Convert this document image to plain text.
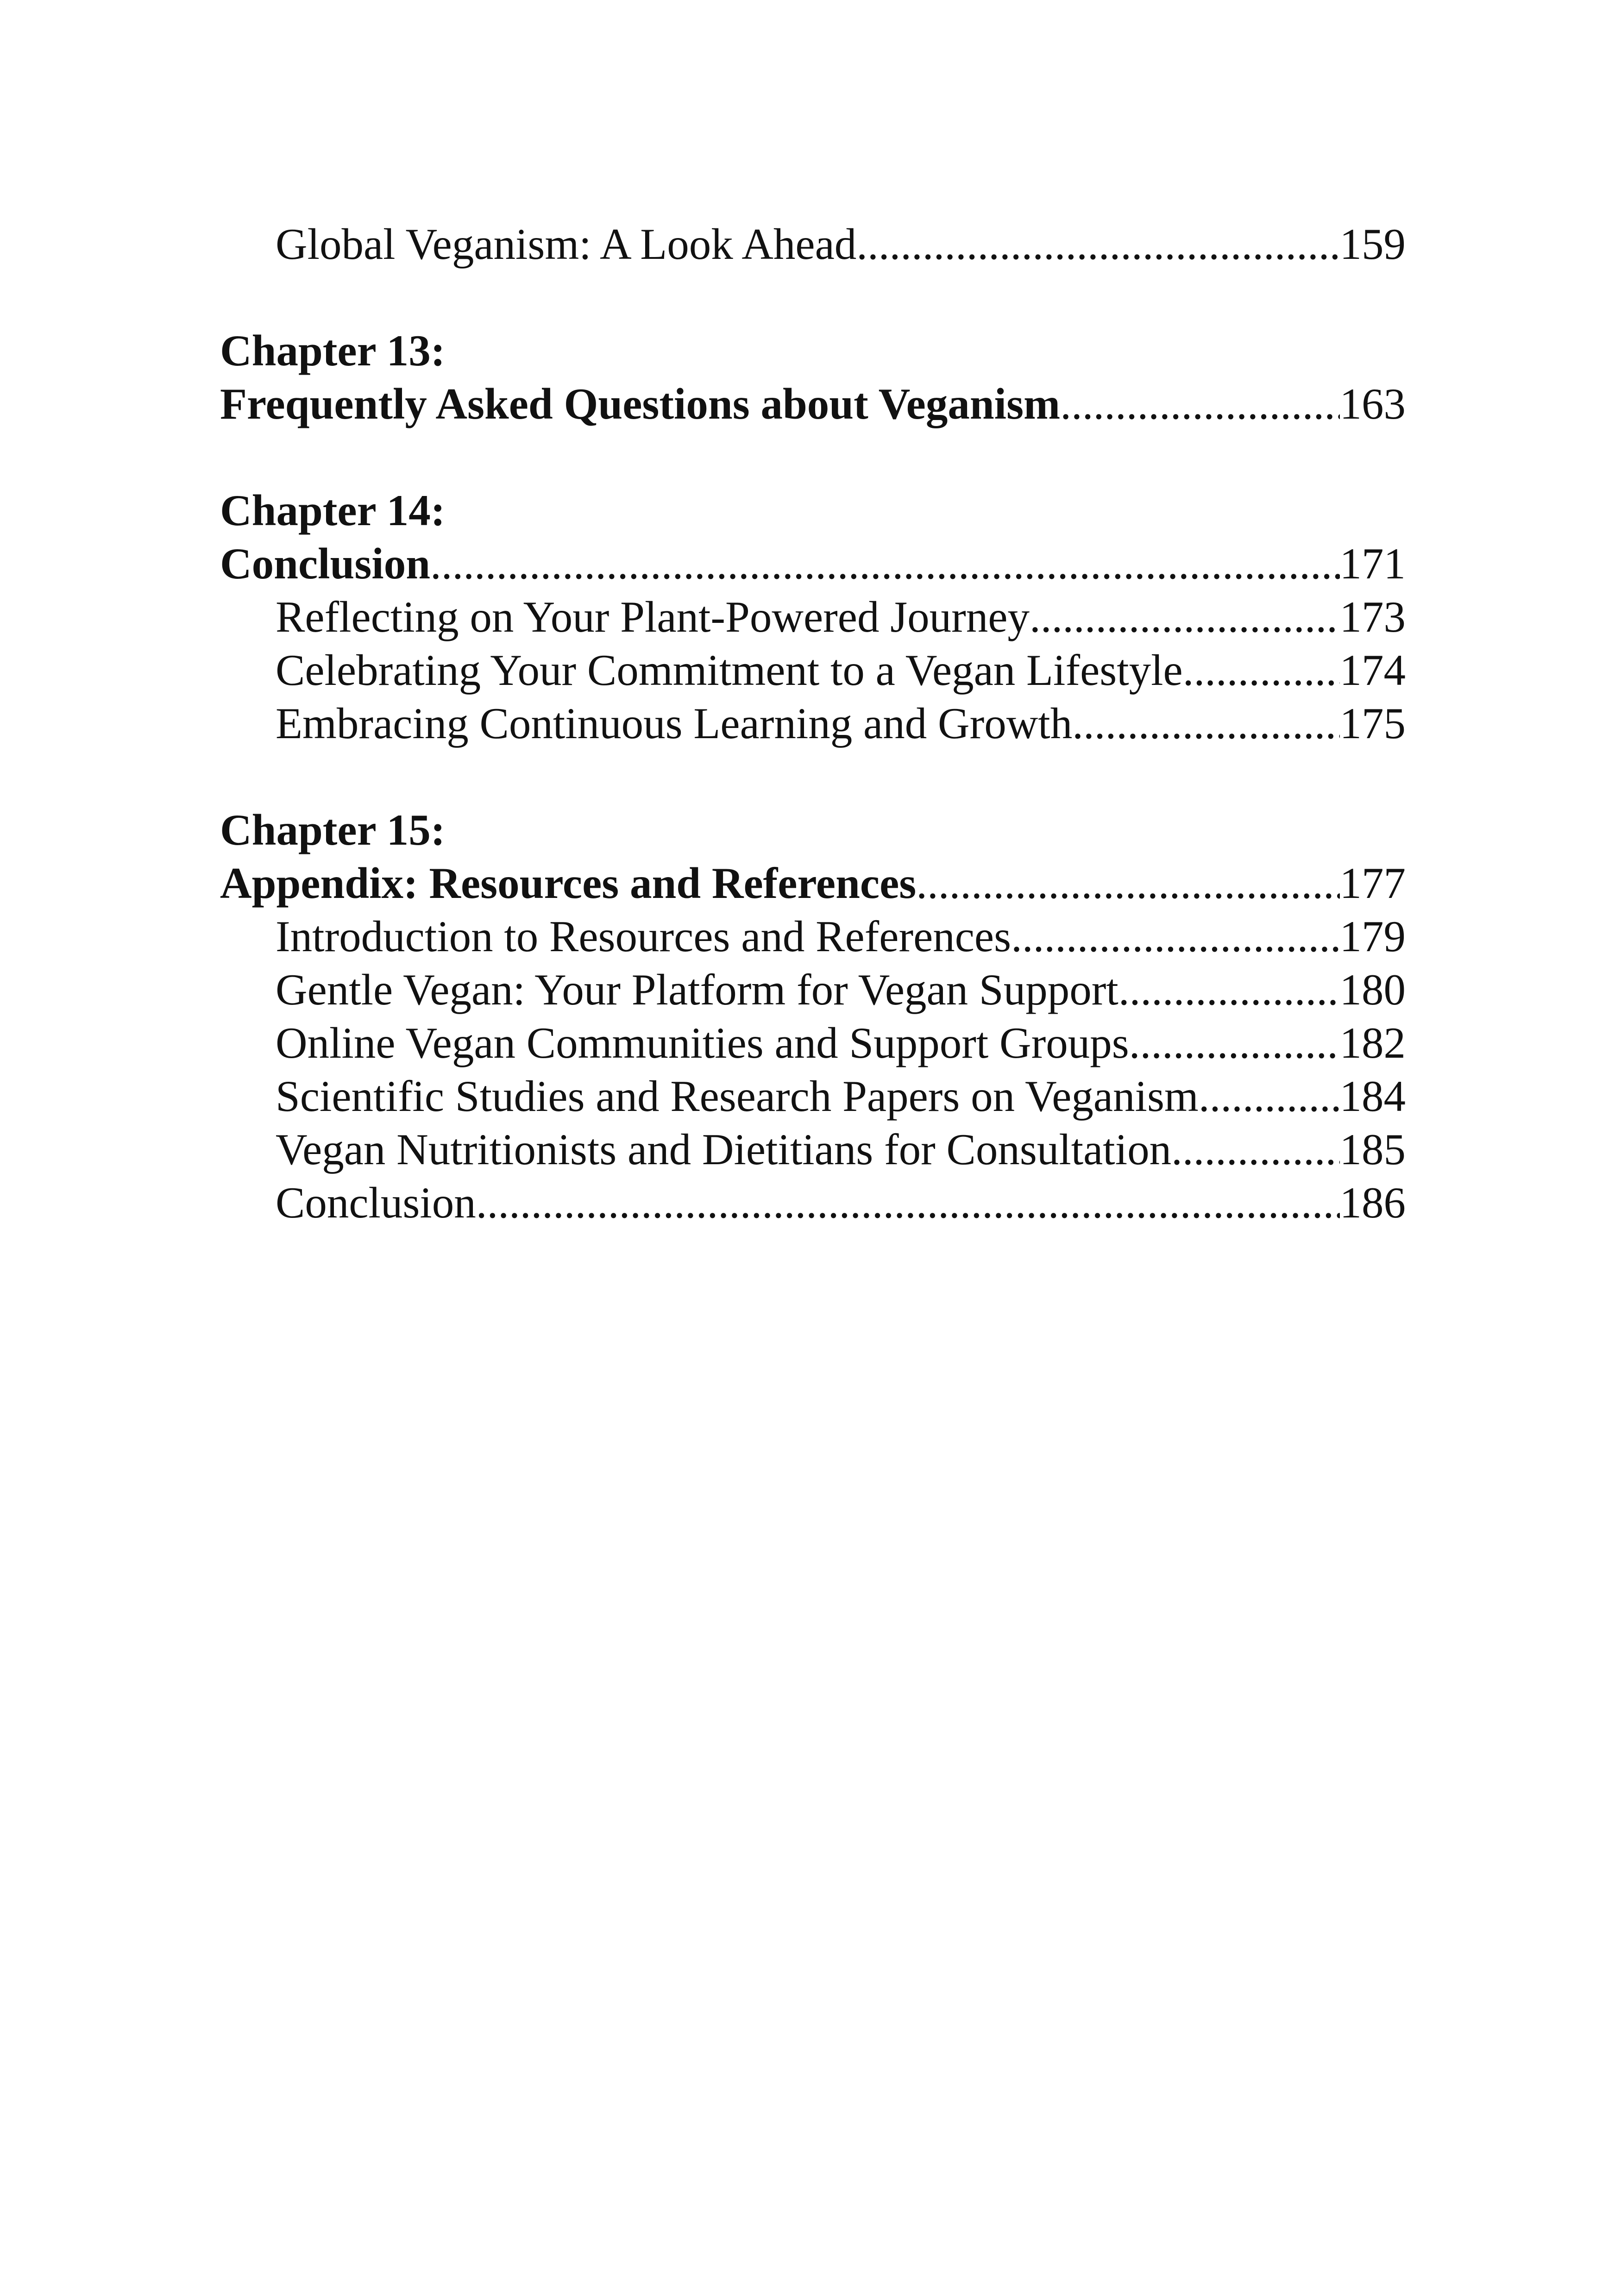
Global Veganism: A Look Ahead .....	159
Chapter 13:
Frequently Asked Questions about Veganism .....	163
Chapter 14:
Conclusion .....	171
Reflecting on Your Plant-Powered Journey .....	173
Celebrating Your Commitment to a Vegan Lifestyle .....	174
Embracing Continuous Learning and Growth .....	175
Chapter 15:
Appendix: Resources and References .....	177
Introduction to Resources and References .....	179
Gentle Vegan: Your Platform for Vegan Support .....	180
Online Vegan Communities and Support Groups .....	182
Scientific Studies and Research Papers on Veganism .....	184
Vegan Nutritionists and Dietitians for Consultation .....	185
Conclusion .....	186
